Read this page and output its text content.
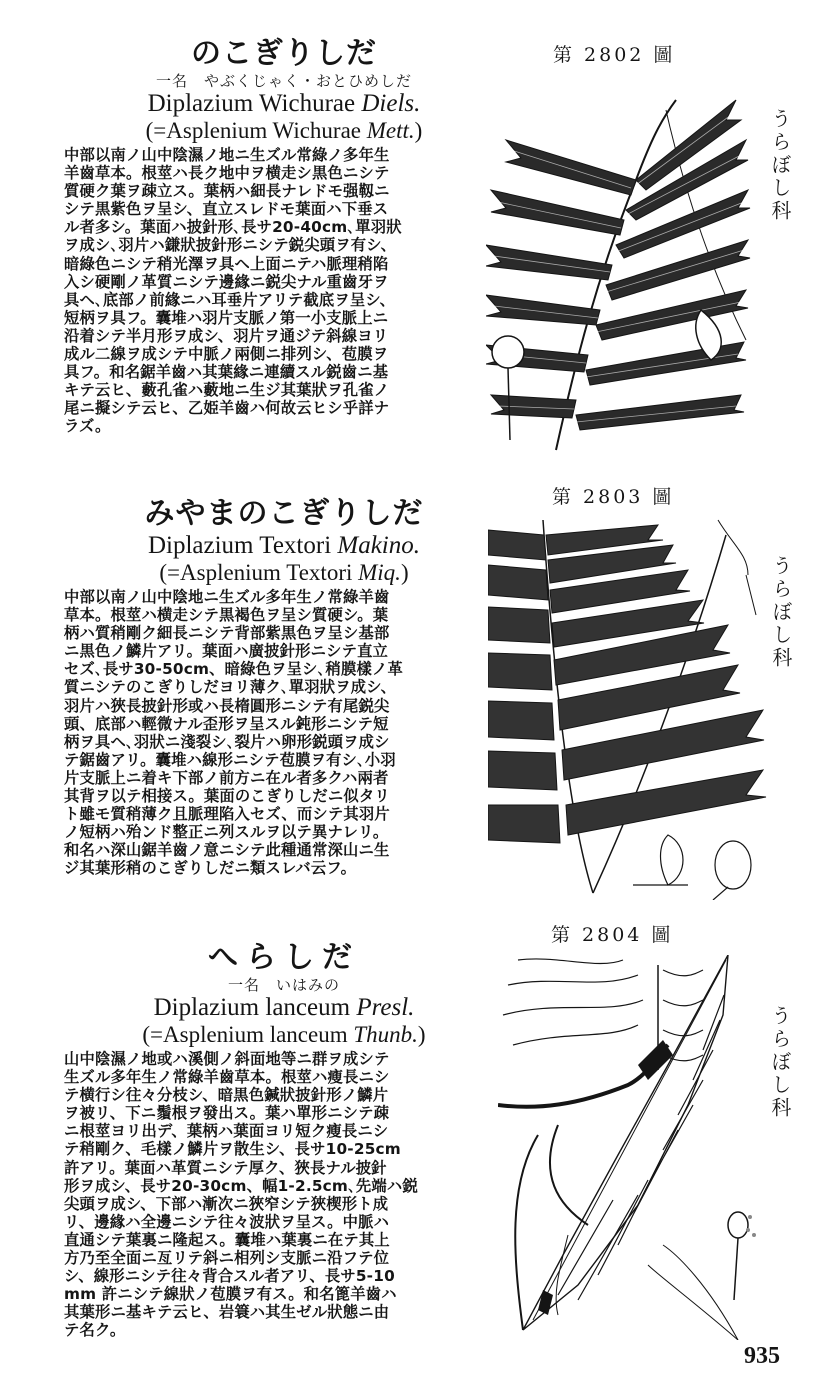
のこぎりしだ
一名　やぶくじゃく・おとひめしだ
Diplazium Wichurae Diels.
(=Asplenium Wichurae Mett.)
中部以南ノ山中陰濕ノ地ニ生ズル常綠ノ多年生
羊齒草本。根莖ハ長ク地中ヲ横走シ黒色ニシテ
質硬ク葉ヲ疎立ス。葉柄ハ細長ナレドモ强靱ニ
シテ黒紫色ヲ呈シ、直立スレドモ葉面ハ下垂ス
ル者多シ。葉面ハ披針形､長サ20-40cm､單羽狀
ヲ成シ､羽片ハ鎌狀披針形ニシテ鋭尖頭ヲ有シ、
暗綠色ニシテ稍光澤ヲ具ヘ上面ニテハ脈理稍陷
入シ硬剛ノ革質ニシテ邊緣ニ鋭尖ナル重齒牙ヲ
具ヘ､底部ノ前緣ニハ耳垂片アリテ截底ヲ呈シ、
短柄ヲ具フ。囊堆ハ羽片支脈ノ第一小支脈上ニ
沿着シテ半月形ヲ成シ、羽片ヲ通ジテ斜線ヨリ
成ル二線ヲ成シテ中脈ノ兩側ニ排列シ、苞膜ヲ
具フ。和名鋸羊齒ハ其葉緣ニ連續スル鋭齒ニ基
キテ云ヒ、藪孔雀ハ藪地ニ生ジ其葉狀ヲ孔雀ノ
尾ニ擬シテ云ヒ、乙姫羊齒ハ何故云ヒシ乎詳ナ
ラズ。
第 2802 圖
うらぼし科
みやまのこぎりしだ
Diplazium Textori Makino.
(=Asplenium Textori Miq.)
中部以南ノ山中陰地ニ生ズル多年生ノ常綠羊齒
草本。根莖ハ横走シテ黒褐色ヲ呈シ質硬シ。葉
柄ハ質稍剛ク細長ニシテ背部紫黒色ヲ呈シ基部
ニ黒色ノ鱗片アリ。葉面ハ廣披針形ニシテ直立
セズ､長サ30-50cm、暗綠色ヲ呈シ､稍膜樣ノ革
質ニシテのこぎりしだヨリ薄ク､單羽狀ヲ成シ、
羽片ハ狹長披針形或ハ長楕圓形ニシテ有尾鋭尖
頭、底部ハ輕微ナル歪形ヲ呈スル鈍形ニシテ短
柄ヲ具ヘ､羽狀ニ淺裂シ､裂片ハ卵形鋭頭ヲ成シ
テ鋸齒アリ。囊堆ハ線形ニシテ苞膜ヲ有シ､小羽
片支脈上ニ着キ下部ノ前方ニ在ル者多クハ兩者
其背ヲ以テ相接ス。葉面のこぎりしだニ似タリ
ト雖モ質稍薄ク且脈理陷入セズ、而シテ其羽片
ノ短柄ハ殆ンド整正ニ列スルヲ以テ異ナレリ。
和名ハ深山鋸羊齒ノ意ニシテ此種通常深山ニ生
ジ其葉形稍のこぎりしだニ類スレバ云フ。
第 2803 圖
うらぼし科
へらしだ
一名　いはみの
Diplazium lanceum Presl.
(=Asplenium lanceum Thunb.)
山中陰濕ノ地或ハ溪側ノ斜面地等ニ群ヲ成シテ
生ズル多年生ノ常綠羊齒草本。根莖ハ瘦長ニシ
テ横行シ往々分枝シ、暗黒色鍼狀披針形ノ鱗片
ヲ被リ、下ニ鬚根ヲ發出ス。葉ハ單形ニシテ疎
ニ根莖ヨリ出デ、葉柄ハ葉面ヨリ短ク瘦長ニシ
テ稍剛ク、毛樣ノ鱗片ヲ散生シ、長サ10-25cm
許アリ。葉面ハ革質ニシテ厚ク、狹長ナル披針
形ヲ成シ、長サ20-30cm、幅1-2.5cm､先端ハ鋭
尖頭ヲ成シ、下部ハ漸次ニ狹窄シテ狹楔形ト成
リ、邊緣ハ全邊ニシテ往々波狀ヲ呈ス。中脈ハ
直通シテ葉裏ニ隆起ス。囊堆ハ葉裏ニ在テ其上
方乃至全面ニ亙リテ斜ニ相列シ支脈ニ沿フテ位
シ、線形ニシテ往々背合スル者アリ、長サ5-10
mm 許ニシテ線狀ノ苞膜ヲ有ス。和名篦羊齒ハ
其葉形ニ基キテ云ヒ、岩簑ハ其生ゼル狀態ニ由
テ名ク。
第 2804 圖
うらぼし科
935
